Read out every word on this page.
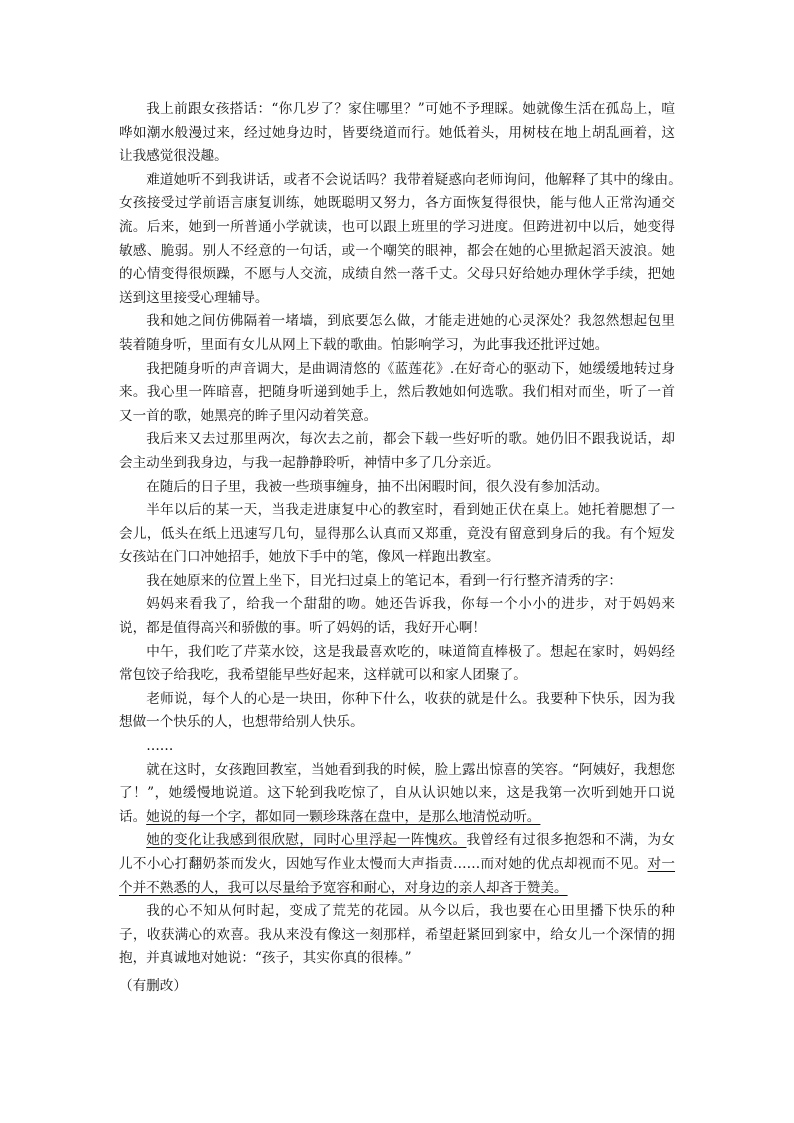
我上前跟女孩搭话：“你几岁了？家住哪里？”可她不予理睬。她就像生活在孤岛上，喧哗如潮水般漫过来，经过她身边时，皆要绕道而行。她低着头，用树枝在地上胡乱画着，这让我感觉很没趣。

难道她听不到我讲话，或者不会说话吗？我带着疑惑向老师询问，他解释了其中的缘由。　　女孩接受过学前语言康复训练，她既聪明又努力，各方面恢复得很快，能与他人正常沟通交流。后来，她到一所普通小学就读，也可以跟上班里的学习进度。但跨进初中以后，她变得敏感、脆弱。别人不经意的一句话，或一个嘲笑的眼神，都会在她的心里掀起滔天波浪。她的心情变得很烦躁，不愿与人交流，成绩自然一落千丈。父母只好给她办理休学手续，把她送到这里接受心理辅导。

我和她之间仿佛隔着一堵墙，到底要怎么做，才能走进她的心灵深处？我忽然想起包里装着随身听，里面有女儿从网上下载的歌曲。怕影响学习，为此事我还批评过她。

我把随身听的声音调大，是曲调清悠的《蓝莲花》.在好奇心的驱动下，她缓缓地转过身来。我心里一阵暗喜，把随身听递到她手上，然后教她如何选歌。我们相对而坐，听了一首又一首的歌，她黑亮的眸子里闪动着笑意。

我后来又去过那里两次，每次去之前，都会下载一些好听的歌。她仍旧不跟我说话，却会主动坐到我身边，与我一起静静聆听，神情中多了几分亲近。

在随后的日子里，我被一些琐事缠身，抽不出闲暇时间，很久没有参加活动。

半年以后的某一天，当我走进康复中心的教室时，看到她正伏在桌上。她托着腮想了一会儿，低头在纸上迅速写几句，显得那么认真而又郑重，竟没有留意到身后的我。有个短发女孩站在门口冲她招手，她放下手中的笔，像风一样跑出教室。

我在她原来的位置上坐下，目光扫过桌上的笔记本，看到一行行整齐清秀的字：

妈妈来看我了，给我一个甜甜的吻。她还告诉我，你每一个小小的进步，对于妈妈来说，都是值得高兴和骄傲的事。听了妈妈的话，我好开心啊！

中午，我们吃了芹菜水饺，这是我最喜欢吃的，味道简直棒极了。想起在家时，妈妈经常包饺子给我吃，我希望能早些好起来，这样就可以和家人团聚了。

老师说，每个人的心是一块田，你种下什么，收获的就是什么。我要种下快乐，因为我想做一个快乐的人，也想带给别人快乐。

……

就在这时，女孩跑回教室，当她看到我的时候，脸上露出惊喜的笑容。“阿姨好，我想您了！”，她缓慢地说道。这下轮到我吃惊了，自从认识她以来，这是我第一次听到她开口说话。她说的每一个字，都如同一颗珍珠落在盘中，是那么地清悦动听。

她的变化让我感到很欣慰，同时心里浮起一阵愧疚。我曾经有过很多抱怨和不满，为女儿不小心打翻奶茶而发火，因她写作业太慢而大声指责……而对她的优点却视而不见。对一个并不熟悉的人，我可以尽量给予宽容和耐心，对身边的亲人却吝于赞美。

我的心不知从何时起，变成了荒芜的花园。从今以后，我也要在心田里播下快乐的种子，收获满心的欢喜。我从来没有像这一刻那样，希望赶紧回到家中，给女儿一个深情的拥抱，并真诚地对她说：“孩子，其实你真的很棒。”

（有删改）
